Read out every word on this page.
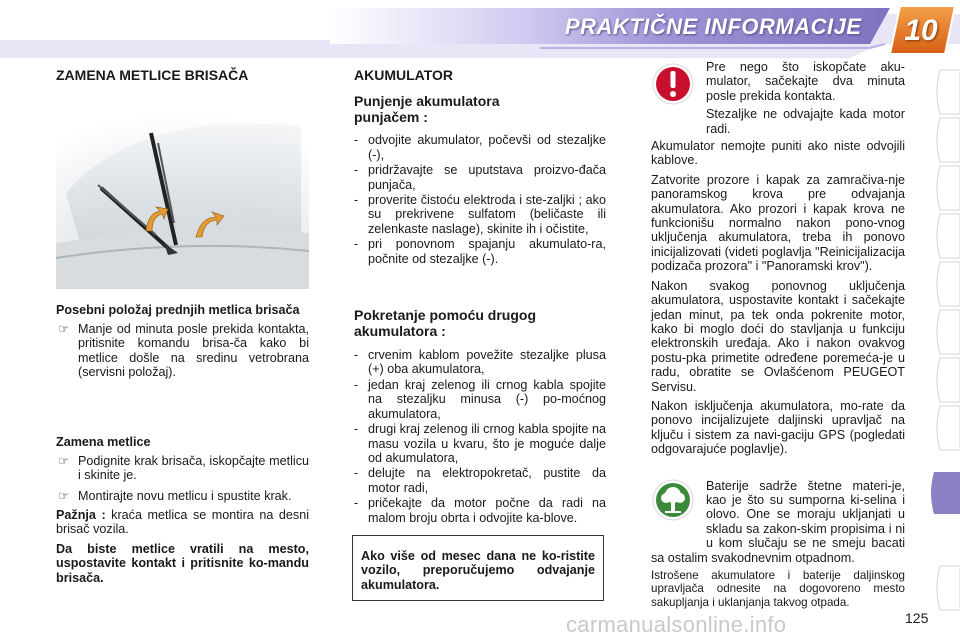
PRAKTIČNE INFORMACIJE	10
ZAMENA METLICE BRISAČA
Posebni položaj prednjih metlica brisača
☞ Manje od minuta posle prekida kontakta, pritisnite komandu brisa-ča kako bi metlice došle na sredinu vetrobrana (servisni položaj).
Zamena metlice
☞ Podignite krak brisača, iskopčajte metlicu i skinite je.
☞ Montirajte novu metlicu i spustite krak.

Pažnja : kraća metlica se montira na desni brisač vozila.

Da biste metlice vratili na mesto, uspostavite kontakt i pritisnite ko-mandu brisača.

AKUMULATOR
Punjenje akumulatora punjačem :
- odvojite akumulator, počevši od stezaljke (-),
- pridržavajte se uputstava proizvo-đača punjača,
- proverite čistoću elektroda i ste-zaljki ; ako su prekrivene sulfatom (beličaste ili zelenkaste naslage), skinite ih i očistite,
- pri ponovnom spajanju akumulato-ra, počnite od stezaljke (-).
Pokretanje pomoću drugog akumulatora :
- crvenim kablom povežite stezaljke plusa (+) oba akumulatora,
- jedan kraj zelenog ili crnog kabla spojite na stezaljku minusa (-) po-moćnog akumulatora,
- drugi kraj zelenog ili crnog kabla spojite na masu vozila u kvaru, što je moguće dalje od akumulatora,
- delujte na elektropokretač, pustite da motor radi,
- pričekajte da motor počne da radi na malom broju obrta i odvojite ka-blove.
Ako više od mesec dana ne ko-ristite vozilo, preporučujemo odvajanje akumulatora.

Pre nego što iskopčate aku-mulator, sačekajte dva minuta posle prekida kontakta.

Stezaljke ne odvajajte kada motor radi.

Akumulator nemojte puniti ako niste odvojili kablove.

Zatvorite prozore i kapak za zamračiva-nje panoramskog krova pre odvajanja akumulatora. Ako prozori i kapak krova ne funkcionišu normalno nakon pono-vnog uključenja akumulatora, treba ih ponovo inicijalizovati (videti poglavlja "Reinicijalizacija podizača prozora" i "Panoramski krov").

Nakon svakog ponovnog uključenja akumulatora, uspostavite kontakt i sačekajte jedan minut, pa tek onda pokrenite motor, kako bi moglo doći do stavljanja u funkciju elektronskih uređaja. Ako i nakon ovakvog postu-pka primetite određene poremeća-je u radu, obratite se Ovlašćenom PEUGEOT Servisu.

Nakon isključenja akumulatora, mo-rate da ponovo incijalizujete daljinski upravljač na ključu i sistem za navi-gaciju GPS (pogledati odgovarajuće poglavlje).

Baterije sadrže štetne materi-je, kao je što su sumporna ki-selina i olovo. One se moraju ukljanjati u skladu sa zakon-skim propisima i ni u kom slučaju se ne smeju bacati sa ostalim svakodnevnim otpadnom.

Istrošene akumulatore i baterije daljinskog upravljača odnesite na dogovoreno mesto sakupljanja i uklanjanja takvog otpada.

carmanualsonline.info	125
